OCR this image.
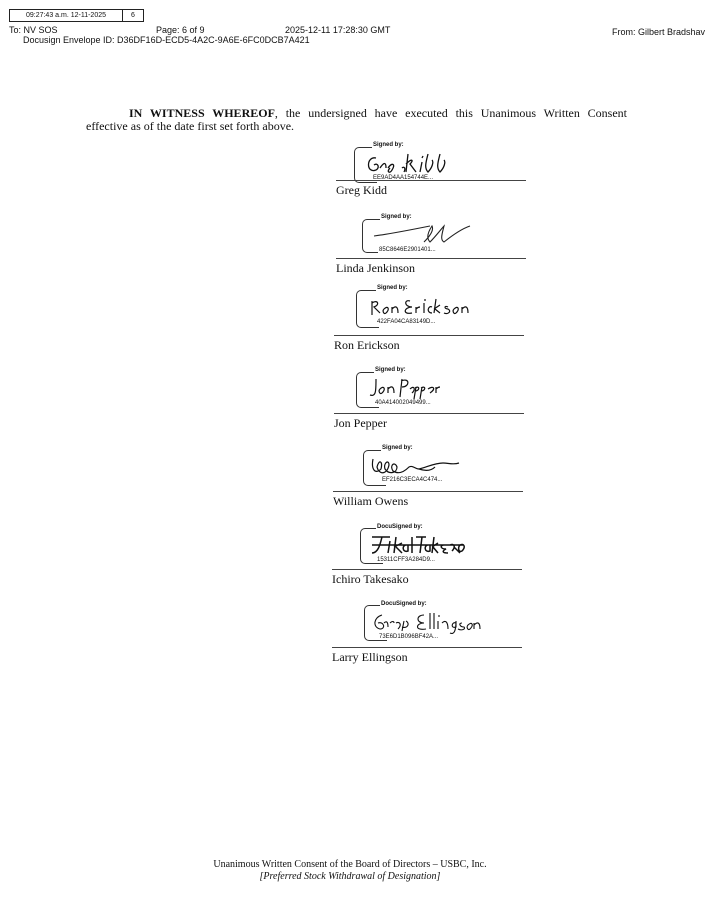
09:27:43 a.m. 12-11-2025	6
To: NV SOS	Page: 6 of 9	2025-12-11 17:28:30 GMT	From: Gilbert Bradshav
Docusign Envelope ID: D36DF16D-ECD5-4A2C-9A6E-6FC0DCB7A421
IN WITNESS WHEREOF, the undersigned have executed this Unanimous Written Consent
effective as of the date first set forth above.
Signed by:
EE9AD4AA154744E...
Greg Kidd
Signed by:
85C8646E2901401...
Linda Jenkinson
Signed by:
422FA04CA83149D...
Ron Erickson
Signed by:
40A414002049499...
Jon Pepper
Signed by:
EF216C3ECA4C474...
William Owens
DocuSigned by:
15311CFF3A284D9...
Ichiro Takesako
DocuSigned by:
73E6D1B096BF42A...
Larry Ellingson
Unanimous Written Consent of the Board of Directors – USBC, Inc.
[Preferred Stock Withdrawal of Designation]
